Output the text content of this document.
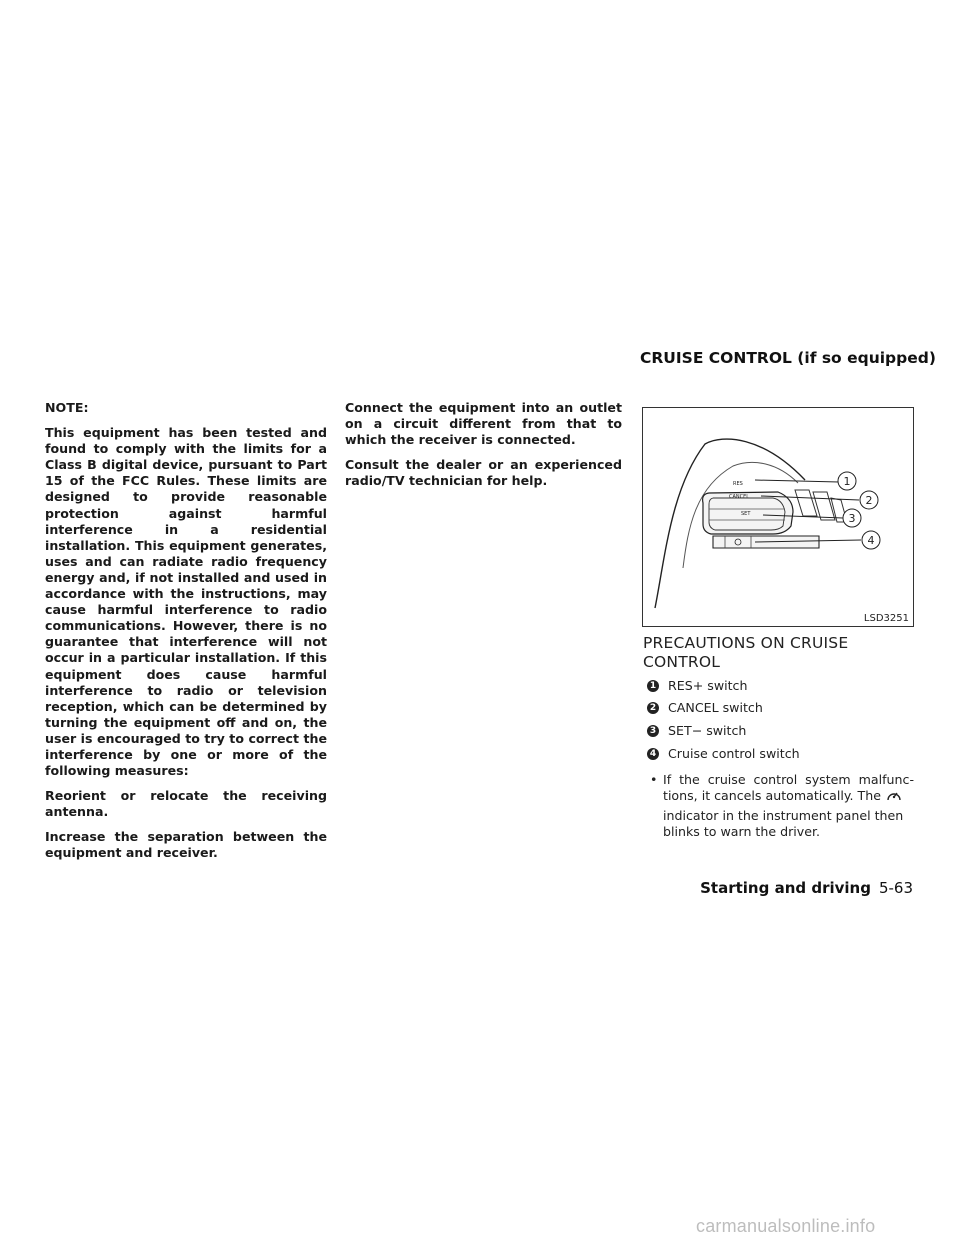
CRUISE CONTROL (if so equipped)

NOTE:

This equipment has been tested and found to comply with the limits for a Class B digital device, pursuant to Part 15 of the FCC Rules. These limits are designed to provide reasonable protection against harmful interference in a residential installation. This equipment generates, uses and can radiate radio frequency energy and, if not installed and used in accordance with the instructions, may cause harmful interference to radio communications. However, there is no guarantee that interference will not occur in a particular installation. If this equipment does cause harmful interference to radio or television reception, which can be determined by turning the equipment off and on, the user is encouraged to try to correct the interference by one or more of the following measures:

Reorient or relocate the receiving antenna.

Increase the separation between the equipment and receiver.

Connect the equipment into an outlet on a circuit different from that to which the receiver is connected.

Consult the dealer or an experienced radio/TV technician for help.	RES
CANCEL
SET
1
2
3
4
LSD3251
PRECAUTIONS ON CRUISE
CONTROL
1 RES+ switch
2 CANCEL switch
3 SET− switch
4 Cruise control switch
• If the cruise control system malfunc-
tions, it cancels automatically. The
indicator in the instrument panel then blinks to warn the driver.
Starting and driving 5-63
carmanualsonline.info
